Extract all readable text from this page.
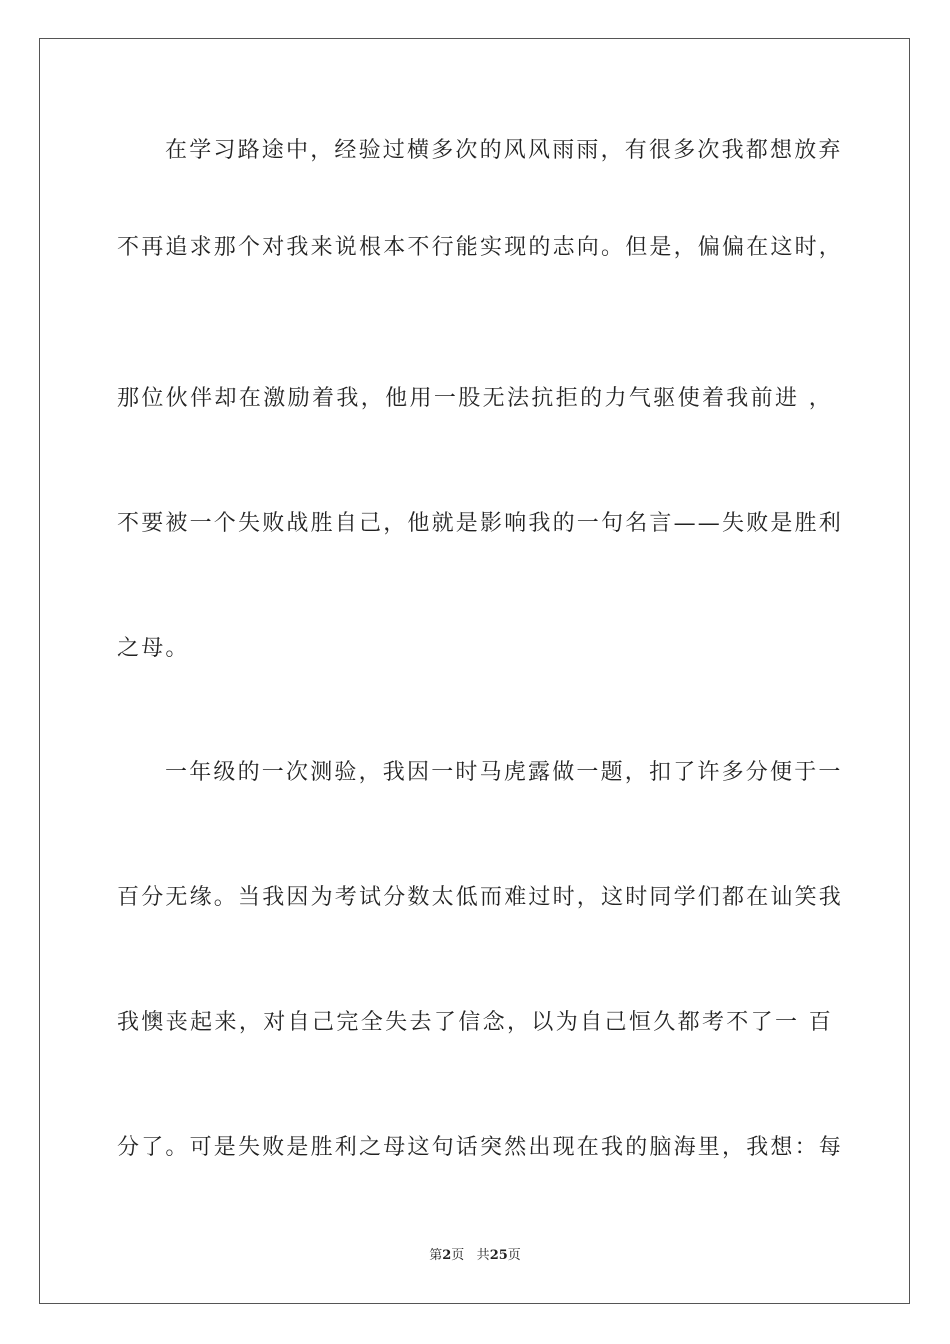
在学习路途中，经验过横多次的风风雨雨，有很多次我都想放弃

不再追求那个对我来说根本不行能实现的志向。但是，偏偏在这时，

那位伙伴却在激励着我，他用一股无法抗拒的力气驱使着我前进 ，

不要被一个失败战胜自己，他就是影响我的一句名言——失败是胜利

之母。

一年级的一次测验，我因一时马虎露做一题，扣了许多分便于一

百分无缘。当我因为考试分数太低而难过时，这时同学们都在讪笑我

我懊丧起来，对自己完全失去了信念，以为自己恒久都考不了一 百

分了。可是失败是胜利之母这句话突然出现在我的脑海里，我想：每

第2页 共25页
